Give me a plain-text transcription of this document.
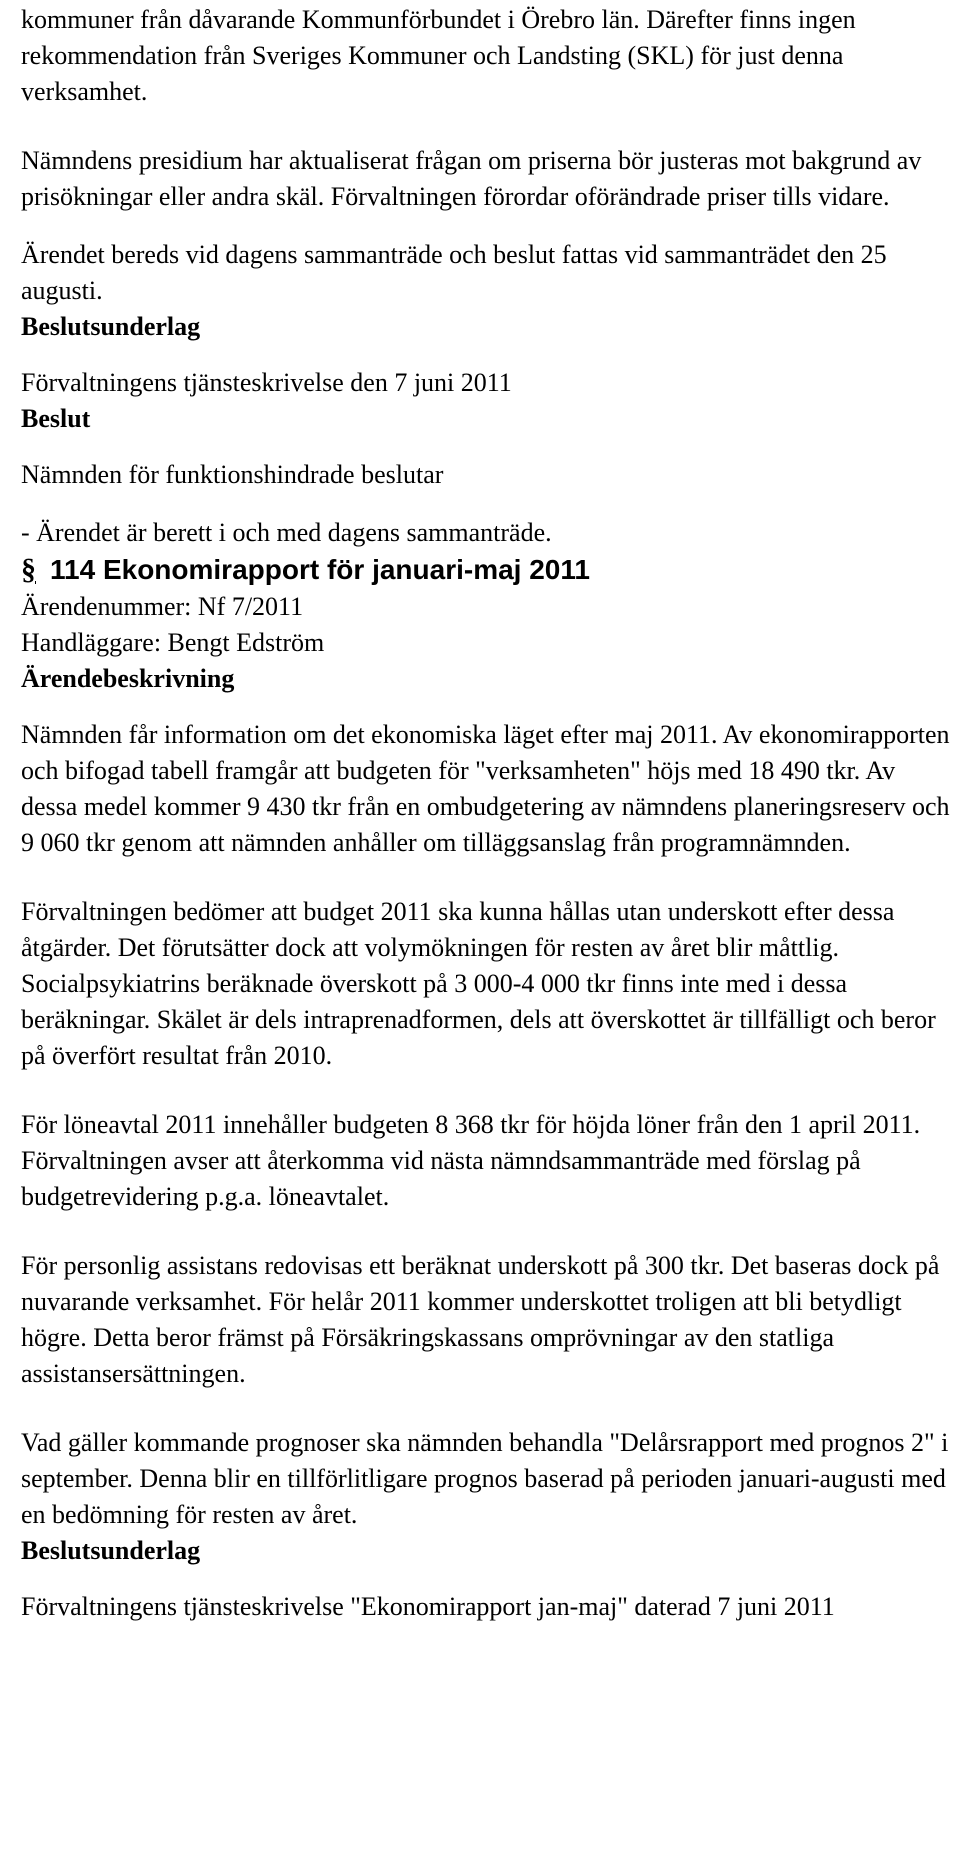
kommuner från dåvarande Kommunförbundet i Örebro län. Därefter finns ingen rekommendation från Sveriges Kommuner och Landsting (SKL) för just denna verksamhet.

Nämndens presidium har aktualiserat frågan om priserna bör justeras mot bakgrund av prisökningar eller andra skäl. Förvaltningen förordar oförändrade priser tills vidare.

Ärendet bereds vid dagens sammanträde och beslut fattas vid sammanträdet den 25 augusti.

Beslutsunderlag

Förvaltningens tjänsteskrivelse den 7 juni 2011

Beslut

Nämnden för funktionshindrade beslutar

- Ärendet är berett i och med dagens sammanträde.

§ 114 Ekonomirapport för januari-maj 2011

Ärendenummer: Nf 7/2011

Handläggare: Bengt Edström

Ärendebeskrivning

Nämnden får information om det ekonomiska läget efter maj 2011. Av ekonomirapporten och bifogad tabell framgår att budgeten för "verksamheten" höjs med 18 490 tkr. Av dessa medel kommer 9 430 tkr från en ombudgetering av nämndens planeringsreserv och 9 060 tkr genom att nämnden anhåller om tilläggsanslag från programnämnden.

Förvaltningen bedömer att budget 2011 ska kunna hållas utan underskott efter dessa åtgärder. Det förutsätter dock att volymökningen för resten av året blir måttlig. Socialpsykiatrins beräknade överskott på 3 000-4 000 tkr finns inte med i dessa beräkningar. Skälet är dels intraprenadformen, dels att överskottet är tillfälligt och beror på överfört resultat från 2010.

För löneavtal 2011 innehåller budgeten 8 368 tkr för höjda löner från den 1 april 2011. Förvaltningen avser att återkomma vid nästa nämndsammanträde med förslag på budgetrevidering p.g.a. löneavtalet.

För personlig assistans redovisas ett beräknat underskott på 300 tkr. Det baseras dock på nuvarande verksamhet. För helår 2011 kommer underskottet troligen att bli betydligt högre. Detta beror främst på Försäkringskassans omprövningar av den statliga assistansersättningen.

Vad gäller kommande prognoser ska nämnden behandla "Delårsrapport med prognos 2" i september. Denna blir en tillförlitligare prognos baserad på perioden januari-augusti med en bedömning för resten av året.

Beslutsunderlag

Förvaltningens tjänsteskrivelse "Ekonomirapport jan-maj" daterad 7 juni 2011
